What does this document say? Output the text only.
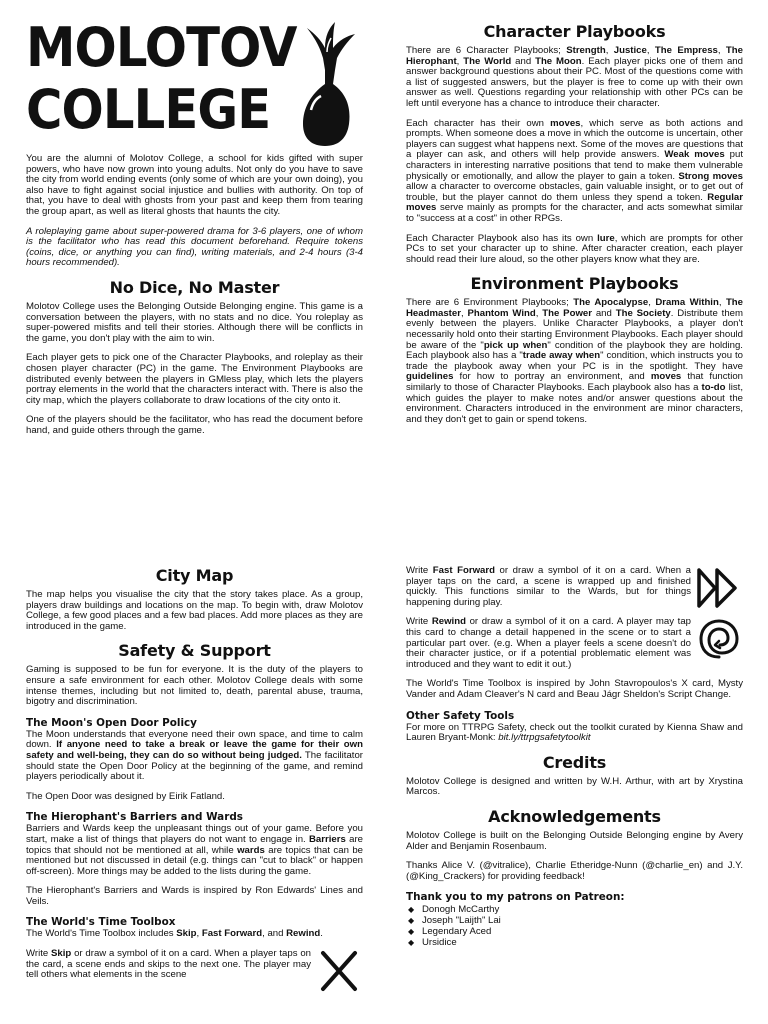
MOLOTOV
COLLEGE

You are the alumni of Molotov College, a school for kids gifted with super powers, who have now grown into young adults. Not only do you have to save the city from world ending events (only some of which are your own doing), you also have to fight against social injustice and bullies with authority. On top of that, you have to deal with ghosts from your past and keep them from tearing the group apart, as well as literal ghosts that haunts the city.

A roleplaying game about super-powered drama for 3-6 players, one of whom is the facilitator who has read this document beforehand. Require tokens (coins, dice, or anything you can find), writing materials, and 2-4 hours (3-4 hours recommended).

No Dice, No Master

Molotov College uses the Belonging Outside Belonging engine. This game is a conversation between the players, with no stats and no dice. You roleplay as super-powered misfits and tell their stories. Although there will be conflicts in the game, you don't play with the aim to win.

Each player gets to pick one of the Character Playbooks, and roleplay as their chosen player character (PC) in the game. The Environment Playbooks are distributed evenly between the players in GMless play, which lets the players portray elements in the world that the characters interact with. There is also the city map, which the players collaborate to draw locations of the city onto it.

One of the players should be the facilitator, who has read the document before hand, and guide others through the game.

Character Playbooks

There are 6 Character Playbooks; Strength, Justice, The Empress, The Hierophant, The World and The Moon. Each player picks one of them and answer background questions about their PC. Most of the questions come with a list of suggested answers, but the player is free to come up with their own answer as well. Questions regarding your relationship with other PCs can be left until everyone has a chance to introduce their character.

Each character has their own moves, which serve as both actions and prompts. When someone does a move in which the outcome is uncertain, other players can suggest what happens next. Some of the moves are questions that a player can ask, and others will help provide answers. Weak moves put characters in interesting narrative positions that tend to make them vulnerable physically or emotionally, and allow the player to gain a token. Strong moves allow a character to overcome obstacles, gain valuable insight, or to get out of trouble, but the player cannot do them unless they spend a token. Regular moves serve mainly as prompts for the character, and acts somewhat similar to "success at a cost" in other RPGs.

Each Character Playbook also has its own lure, which are prompts for other PCs to set your character up to shine. After character creation, each player should read their lure aloud, so the other players know what they are.

Environment Playbooks

There are 6 Environment Playbooks; The Apocalypse, Drama Within, The Headmaster, Phantom Wind, The Power and The Society. Distribute them evenly between the players. Unlike Character Playbooks, a player don't necessarily hold onto their starting Environment Playbooks. Each player should be aware of the "pick up when" condition of the playbook they are holding. Each playbook also has a "trade away when" condition, which instructs you to trade the playbook away when your PC is in the spotlight. They have guidelines for how to portray an environment, and moves that function similarly to those of Character Playbooks. Each playbook also has a to-do list, which guides the player to make notes and/or answer questions about the environment. Characters introduced in the environment are minor characters, and they don't get to gain or spend tokens.

City Map

The map helps you visualise the city that the story takes place. As a group, players draw buildings and locations on the map. To begin with, draw Molotov College, a few good places and a few bad places. Add more places as they are introduced in the game.

Safety & Support

Gaming is supposed to be fun for everyone. It is the duty of the players to ensure a safe environment for each other. Molotov College deals with some intense themes, including but not limited to, death, parental abuse, trauma, bigotry and discrimination.

The Moon's Open Door Policy

The Moon understands that everyone need their own space, and time to calm down. If anyone need to take a break or leave the game for their own safety and well-being, they can do so without being judged. The facilitator should state the Open Door Policy at the beginning of the game, and remind players periodically about it.

The Open Door was designed by Eirik Fatland.

The Hierophant's Barriers and Wards

Barriers and Wards keep the unpleasant things out of your game. Before you start, make a list of things that players do not want to engage in. Barriers are topics that should not be mentioned at all, while wards are topics that can be mentioned but not discussed in detail (e.g. things can "cut to black" or happen off-screen). More things may be added to the lists during the game.

The Hierophant's Barriers and Wards is inspired by Ron Edwards' Lines and Veils.

The World's Time Toolbox

The World's Time Toolbox includes Skip, Fast Forward, and Rewind.

Write Skip or draw a symbol of it on a card. When a player taps on the card, a scene ends and skips to the next one. The player may tell others what elements in the scene
Write Fast Forward or draw a symbol of it on a card. When a player taps on the card, a scene is wrapped up and finished quickly. This functions similar to the Wards, but for things happening during play.
Write Rewind or draw a symbol of it on a card. A player may tap this card to change a detail happened in the scene or to start a particular part over. (e.g. When a player feels a scene doesn't do their character justice, or if a potential problematic element was introduced and they want to edit it out.)

The World's Time Toolbox is inspired by John Stavropoulos's X card, Mysty Vander and Adam Cleaver's N card and Beau Jágr Sheldon's Script Change.

Other Safety Tools

For more on TTRPG Safety, check out the toolkit curated by Kienna Shaw and Lauren Bryant-Monk: bit.ly/ttrpgsafetytoolkit

Credits

Molotov College is designed and written by W.H. Arthur, with art by Xrystina Marcos.

Acknowledgements

Molotov College is built on the Belonging Outside Belonging engine by Avery Alder and Benjamin Rosenbaum.

Thanks Alice V. (@vitralice), Charlie Etheridge-Nunn (@charlie_en) and J.Y. (@King_Crackers) for providing feedback!

Thank you to my patrons on Patreon:
◆ Donogh McCarthy
◆ Joseph "Laijth" Lai
◆ Legendary Aced
◆ Ursidice
